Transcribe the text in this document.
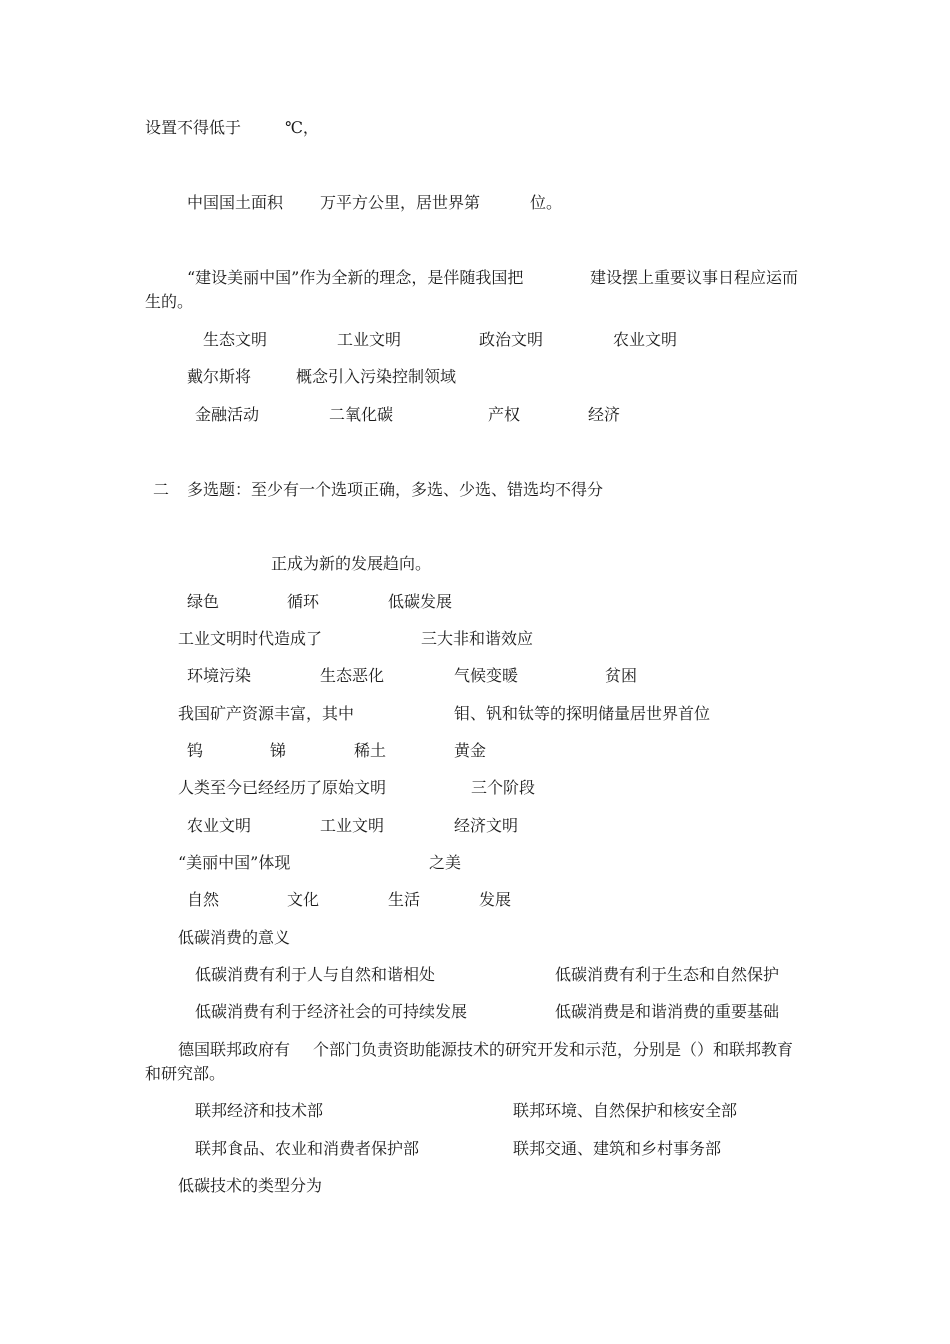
设置不得低于	℃，
中国国土面积 万平方公里，居世界第	位。
“建设美丽中国”作为全新的理念，是伴随我国把	建设摆上重要议事日程应运而
生的。
生态文明	工业文明	政治文明	农业文明
戴尔斯将	概念引入污染控制领域
金融活动	二氧化碳	产权	经济
二 多选题：至少有一个选项正确，多选、少选、错选均不得分
正成为新的发展趋向。
绿色	循环	低碳发展
工业文明时代造成了	三大非和谐效应
环境污染	生态恶化	气候变暖	贫困
我国矿产资源丰富，其中	钼、钒和钛等的探明储量居世界首位
钨	锑	稀土	黄金
人类至今已经经历了原始文明	三个阶段
农业文明	工业文明	经济文明
“美丽中国”体现	之美
自然	文化	生活	发展
低碳消费的意义
低碳消费有利于人与自然和谐相处	低碳消费有利于生态和自然保护
低碳消费有利于经济社会的可持续发展	低碳消费是和谐消费的重要基础
德国联邦政府有 个部门负责资助能源技术的研究开发和示范，分别是（）和联邦教育
和研究部。
联邦经济和技术部	联邦环境、自然保护和核安全部
联邦食品、农业和消费者保护部	联邦交通、建筑和乡村事务部
低碳技术的类型分为
